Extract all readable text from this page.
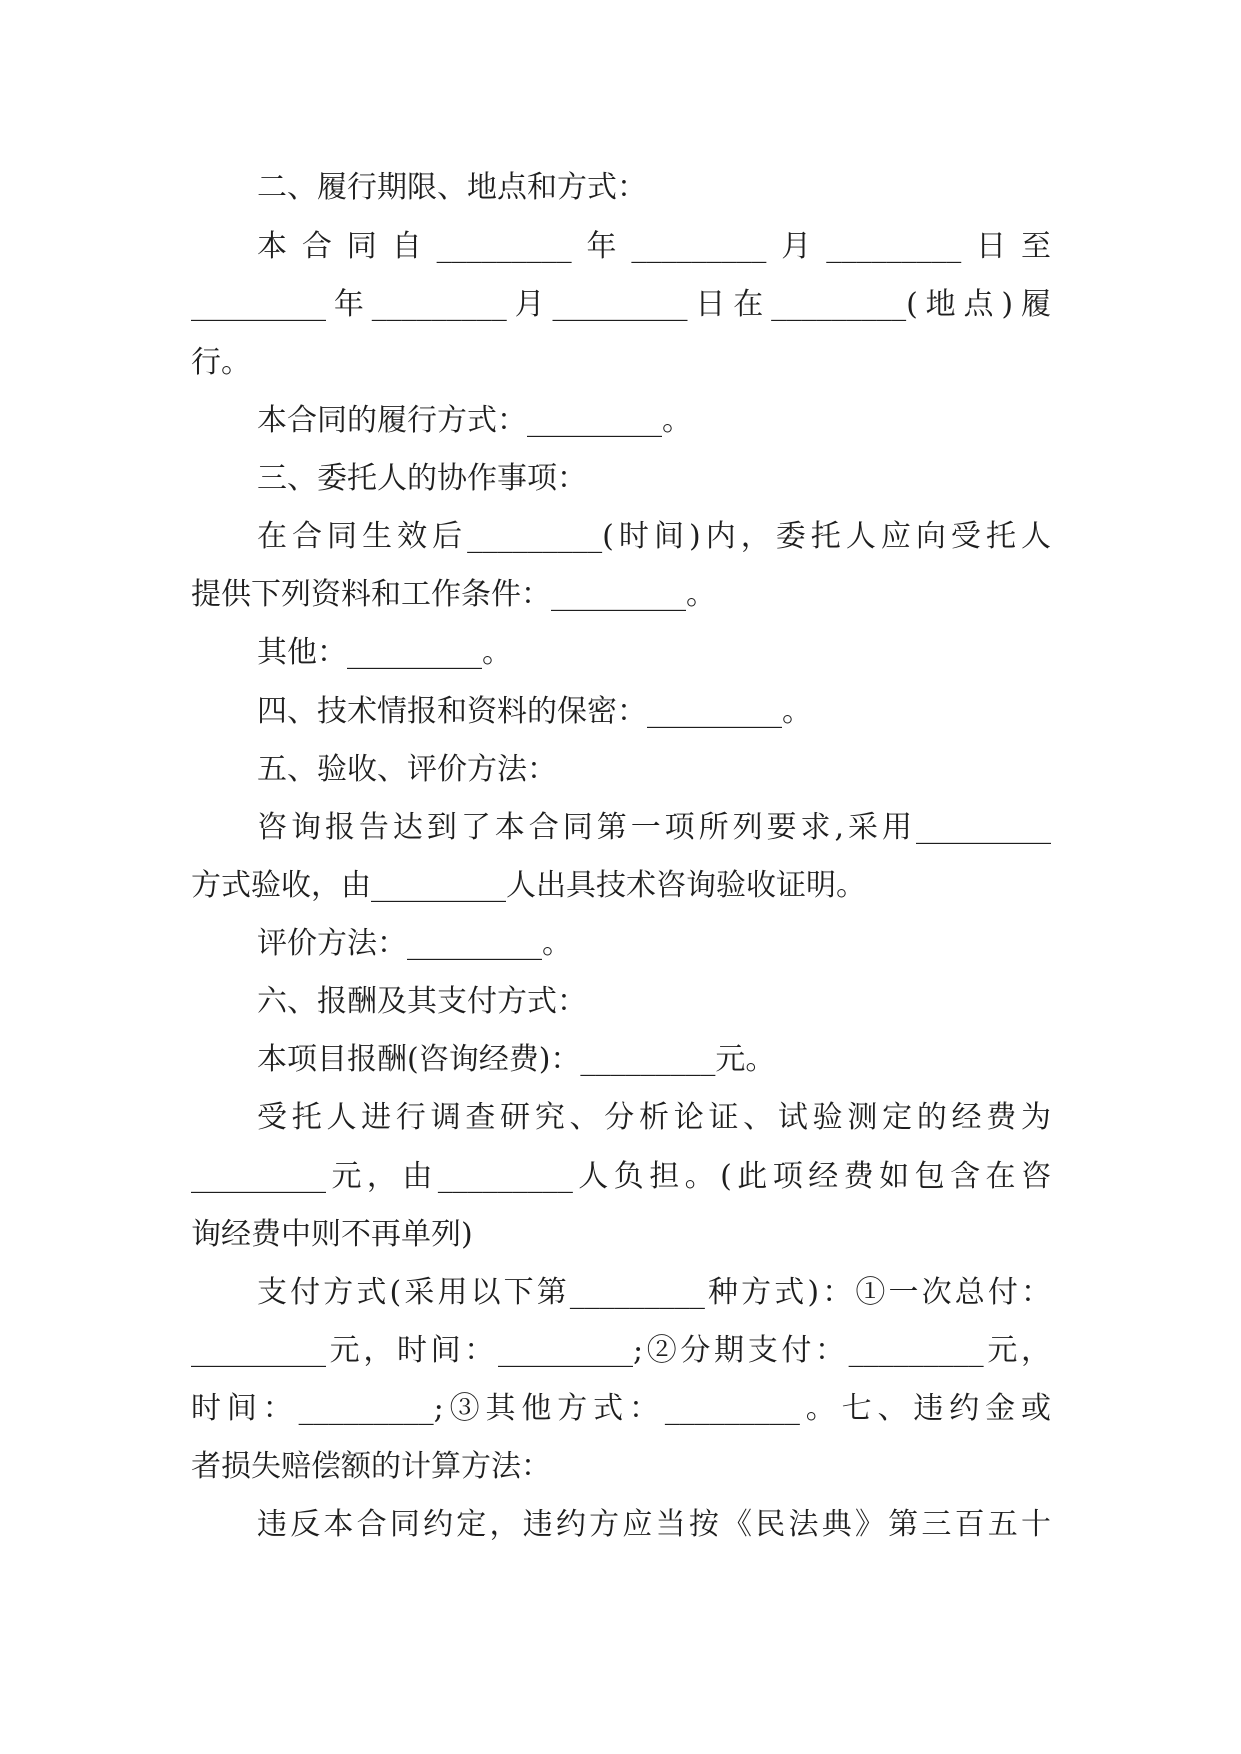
二、履行期限、地点和方式：
本合同自_________年_________月_________日至
_________年_________月_________日在_________(地点)履
行。
本合同的履行方式：_________。
三、委托人的协作事项：
在合同生效后_________(时间)内，委托人应向受托人
提供下列资料和工作条件：_________。
其他：_________。
四、技术情报和资料的保密：_________。
五、验收、评价方法：
咨询报告达到了本合同第一项所列要求,采用_________
方式验收，由_________人出具技术咨询验收证明。
评价方法：_________。
六、报酬及其支付方式：
本项目报酬(咨询经费)：_________元。
受托人进行调查研究、分析论证、试验测定的经费为
_________元，由_________人负担。(此项经费如包含在咨
询经费中则不再单列)
支付方式(采用以下第_________种方式)：①一次总付：
_________元，时间：_________;②分期支付：_________元，
时间：_________;③其他方式：_________。七、违约金或
者损失赔偿额的计算方法：
违反本合同约定，违约方应当按《民法典》第三百五十
